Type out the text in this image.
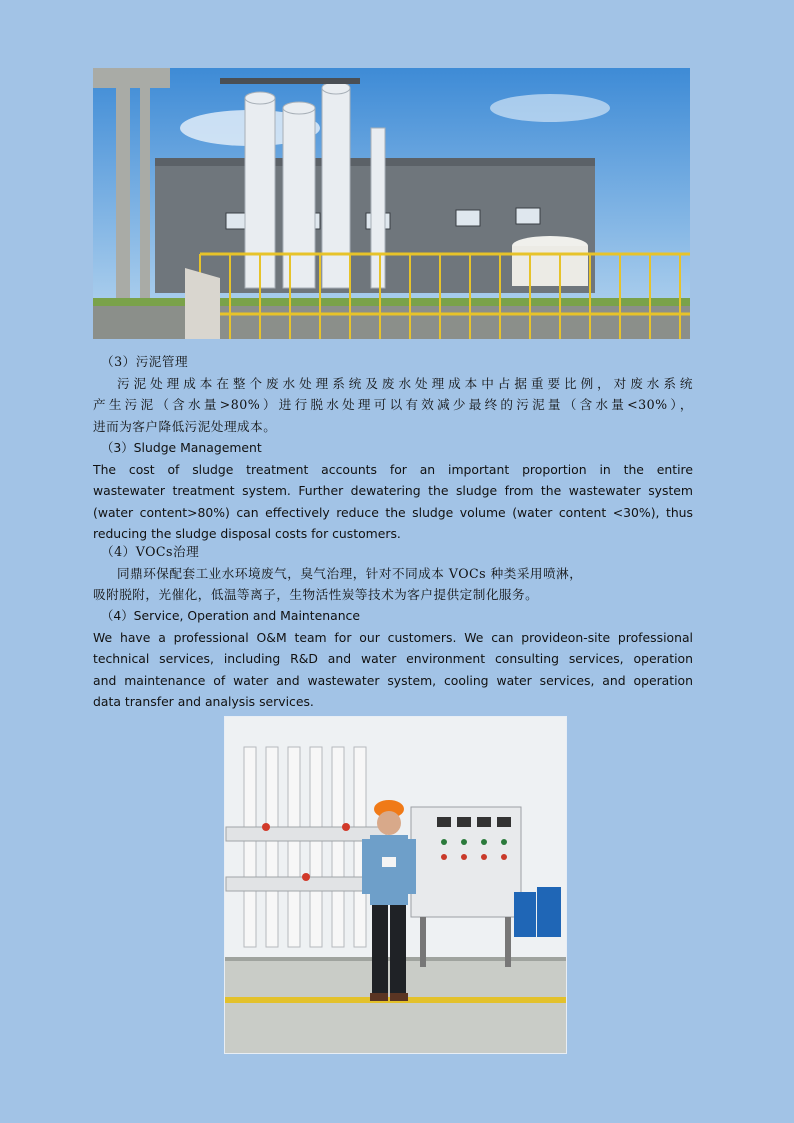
（3）污泥管理
污泥处理成本在整个废水处理系统及废水处理成本中占据重要比例，对废水系统
产生污泥（含水量>80%）进行脱水处理可以有效减少最终的污泥量（含水量<30%），
进而为客户降低污泥处理成本。
（3）Sludge Management
The cost of sludge treatment accounts for an important proportion in the entire
wastewater treatment system. Further dewatering the sludge from the wastewater system
(water content>80%) can effectively reduce the sludge volume (water content <30%), thus
reducing the sludge disposal costs for customers.
（4）VOCs治理
同鼎环保配套工业水环境废气，臭气治理，针对不同成本 VOCs 种类采用喷淋，
吸附脱附，光催化，低温等离子，生物活性炭等技术为客户提供定制化服务。
（4）Service, Operation and Maintenance
We have a professional O&M team for our customers. We can providеon-site professional
technical services, including R&D and water environment consulting services, operation
and maintenance of water and wastewater system, cooling water services, and operation
data transfer and analysis services.
